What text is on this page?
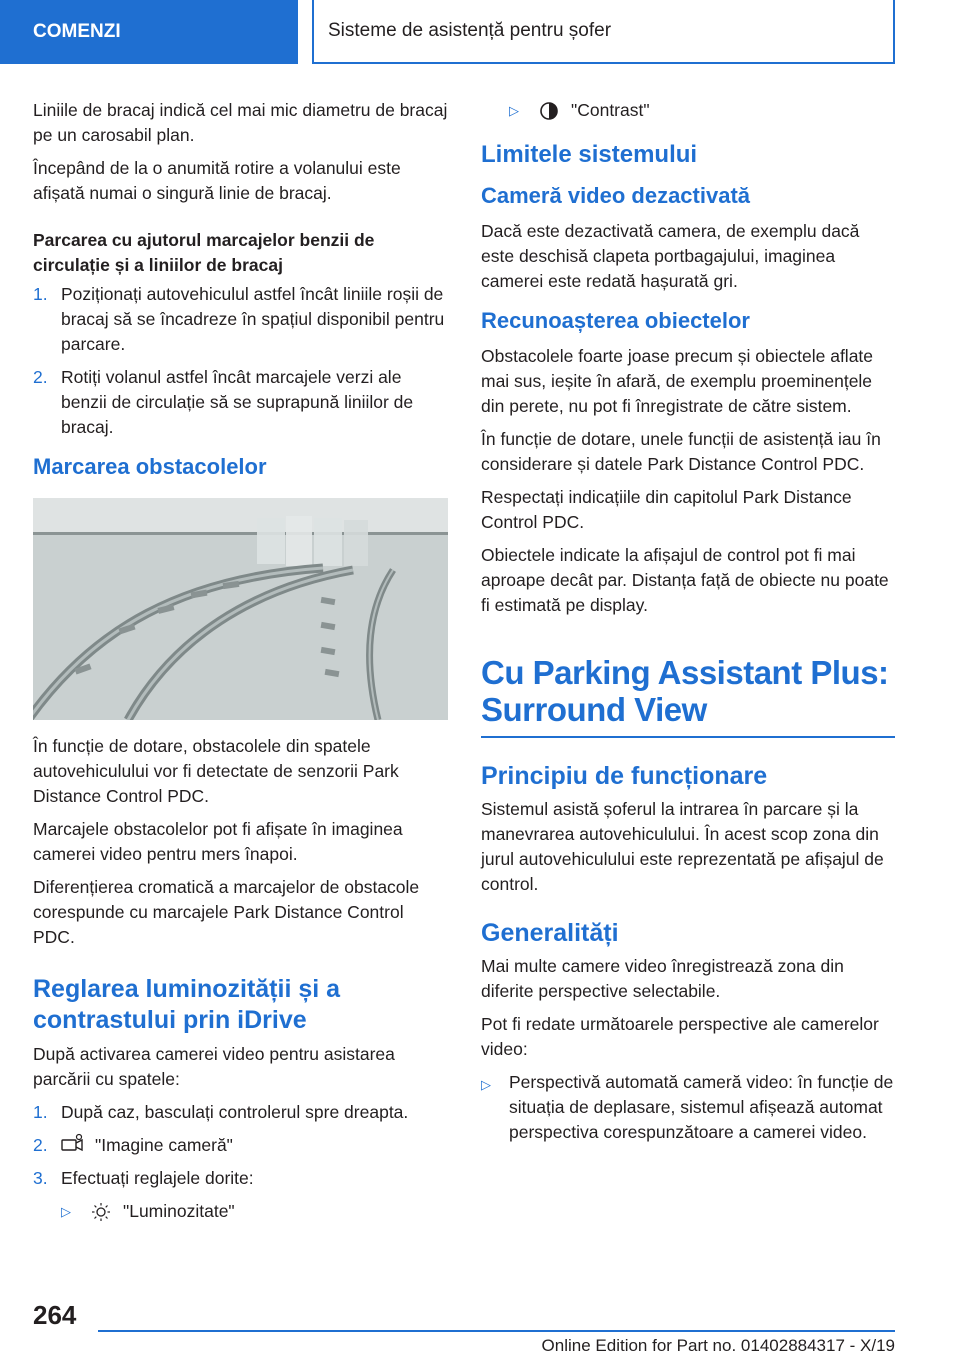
COMENZI	Sisteme de asistență pentru șofer

Liniile de bracaj indică cel mai mic diametru de bracaj pe un carosabil plan.

Începând de la o anumită rotire a volanului este afișată numai o singură linie de bracaj.

Parcarea cu ajutorul marcajelor benzii de circulație și a liniilor de bracaj
1. Poziționați autovehiculul astfel încât liniile roșii de bracaj să se încadreze în spațiul disponibil pentru parcare.
2. Rotiți volanul astfel încât marcajele verzi ale benzii de circulație să se suprapună liniilor de bracaj.
Marcarea obstacolelor

În funcție de dotare, obstacolele din spatele autovehiculului vor fi detectate de senzorii Park Distance Control PDC.

Marcajele obstacolelor pot fi afișate în imaginea camerei video pentru mers înapoi.

Diferențierea cromatică a marcajelor de obstacole corespunde cu marcajele Park Distance Control PDC.

Reglarea luminozității și a contrastului prin iDrive

După activarea camerei video pentru asistarea parcării cu spatele:

1. După caz, basculați controlerul spre dreapta.
2.	"Imagine cameră"
3. Efectuați reglajele dorite:
▷	"Luminozitate"
▷	"Contrast"
Limitele sistemului
Cameră video dezactivată

Dacă este dezactivată camera, de exemplu dacă este deschisă clapeta portbagajului, imaginea camerei este redată hașurată gri.

Recunoașterea obiectelor

Obstacolele foarte joase precum și obiectele aflate mai sus, ieșite în afară, de exemplu proeminențele din perete, nu pot fi înregistrate de către sistem.

În funcție de dotare, unele funcții de asistență iau în considerare și datele Park Distance Control PDC.

Respectați indicațiile din capitolul Park Distance Control PDC.

Obiectele indicate la afișajul de control pot fi mai aproape decât par. Distanța față de obiecte nu poate fi estimată pe display.

Cu Parking Assistant Plus: Surround View
Principiu de funcționare

Sistemul asistă șoferul la intrarea în parcare și la manevrarea autovehiculului. În acest scop zona din jurul autovehiculului este reprezentată pe afișajul de control.

Generalități

Mai multe camere video înregistrează zona din diferite perspective selectabile.

Pot fi redate următoarele perspective ale camerelor video:

▷	Perspectivă automată cameră video: în funcție de situația de deplasare, sistemul afișează automat perspectiva corespunzătoare a camerei video.
264
Online Edition for Part no. 01402884317 - X/19
